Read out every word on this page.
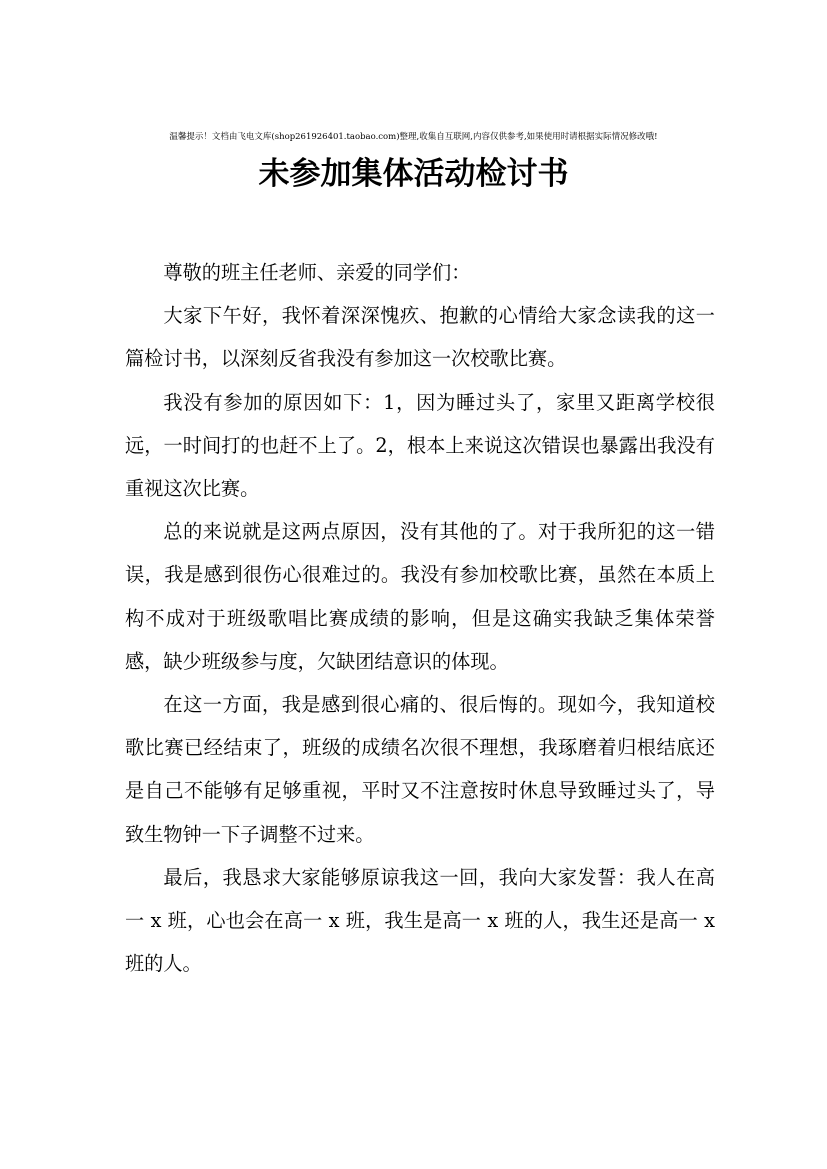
温馨提示！文档由飞电文库(shop261926401.taobao.com)整理,收集自互联网,内容仅供参考,如果使用时请根据实际情况修改哦!
未参加集体活动检讨书

尊敬的班主任老师、亲爱的同学们：

大家下午好，我怀着深深愧疚、抱歉的心情给大家念读我的这一篇检讨书，以深刻反省我没有参加这一次校歌比赛。

我没有参加的原因如下：1，因为睡过头了，家里又距离学校很远，一时间打的也赶不上了。2，根本上来说这次错误也暴露出我没有重视这次比赛。

总的来说就是这两点原因，没有其他的了。对于我所犯的这一错误，我是感到很伤心很难过的。我没有参加校歌比赛，虽然在本质上构不成对于班级歌唱比赛成绩的影响，但是这确实我缺乏集体荣誉感，缺少班级参与度，欠缺团结意识的体现。

在这一方面，我是感到很心痛的、很后悔的。现如今，我知道校歌比赛已经结束了，班级的成绩名次很不理想，我琢磨着归根结底还是自己不能够有足够重视，平时又不注意按时休息导致睡过头了，导致生物钟一下子调整不过来。

最后，我恳求大家能够原谅我这一回，我向大家发誓：我人在高一 x 班，心也会在高一 x 班，我生是高一 x 班的人，我生还是高一 x 班的人。
